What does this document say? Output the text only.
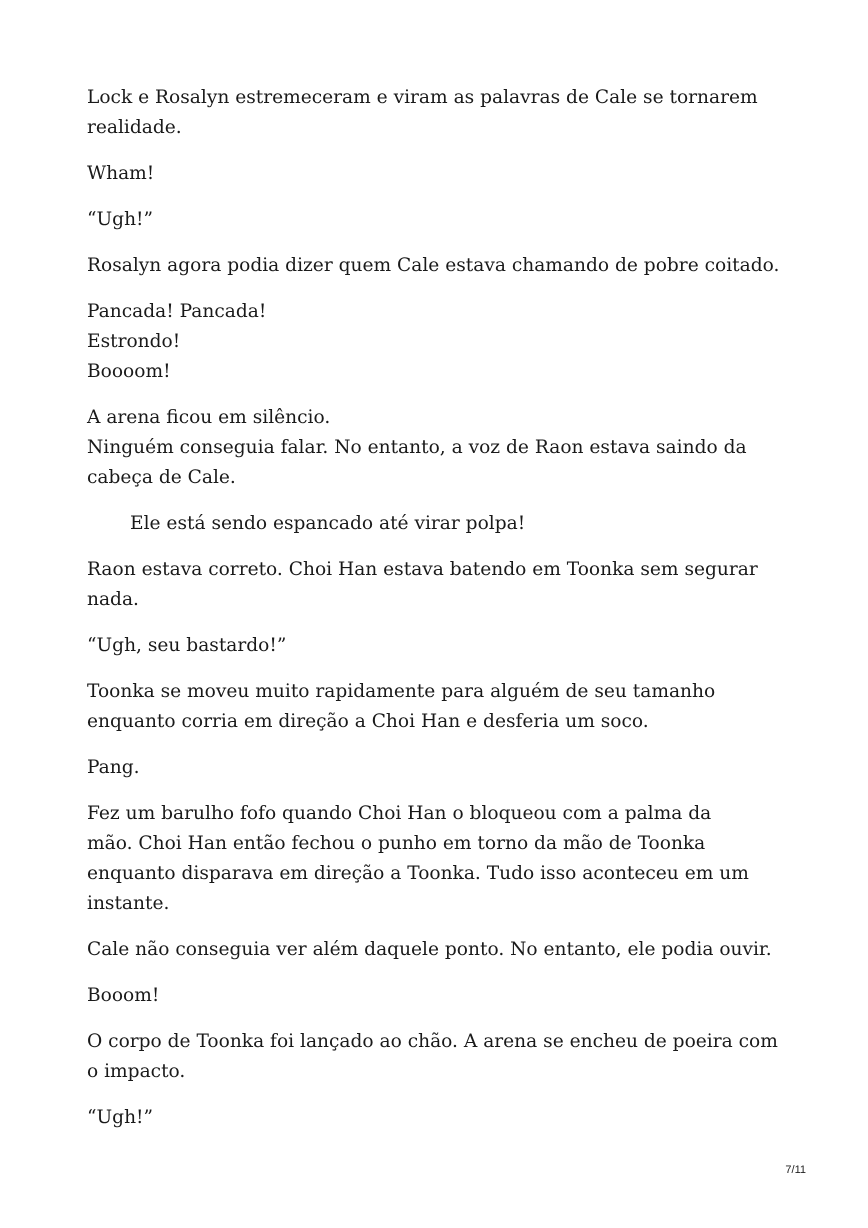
Lock e Rosalyn estremeceram e viram as palavras de Cale se tornarem
realidade.

Wham!

“Ugh!”

Rosalyn agora podia dizer quem Cale estava chamando de pobre coitado.

Pancada! Pancada!
Estrondo!
Boooom!

A arena ficou em silêncio.
Ninguém conseguia falar. No entanto, a voz de Raon estava saindo da
cabeça de Cale.

Ele está sendo espancado até virar polpa!

Raon estava correto. Choi Han estava batendo em Toonka sem segurar
nada.

“Ugh, seu bastardo!”

Toonka se moveu muito rapidamente para alguém de seu tamanho
enquanto corria em direção a Choi Han e desferia um soco.

Pang.

Fez um barulho fofo quando Choi Han o bloqueou com a palma da
mão. Choi Han então fechou o punho em torno da mão de Toonka
enquanto disparava em direção a Toonka. Tudo isso aconteceu em um
instante.

Cale não conseguia ver além daquele ponto. No entanto, ele podia ouvir.

Booom!

O corpo de Toonka foi lançado ao chão. A arena se encheu de poeira com
o impacto.

“Ugh!”

7/11
